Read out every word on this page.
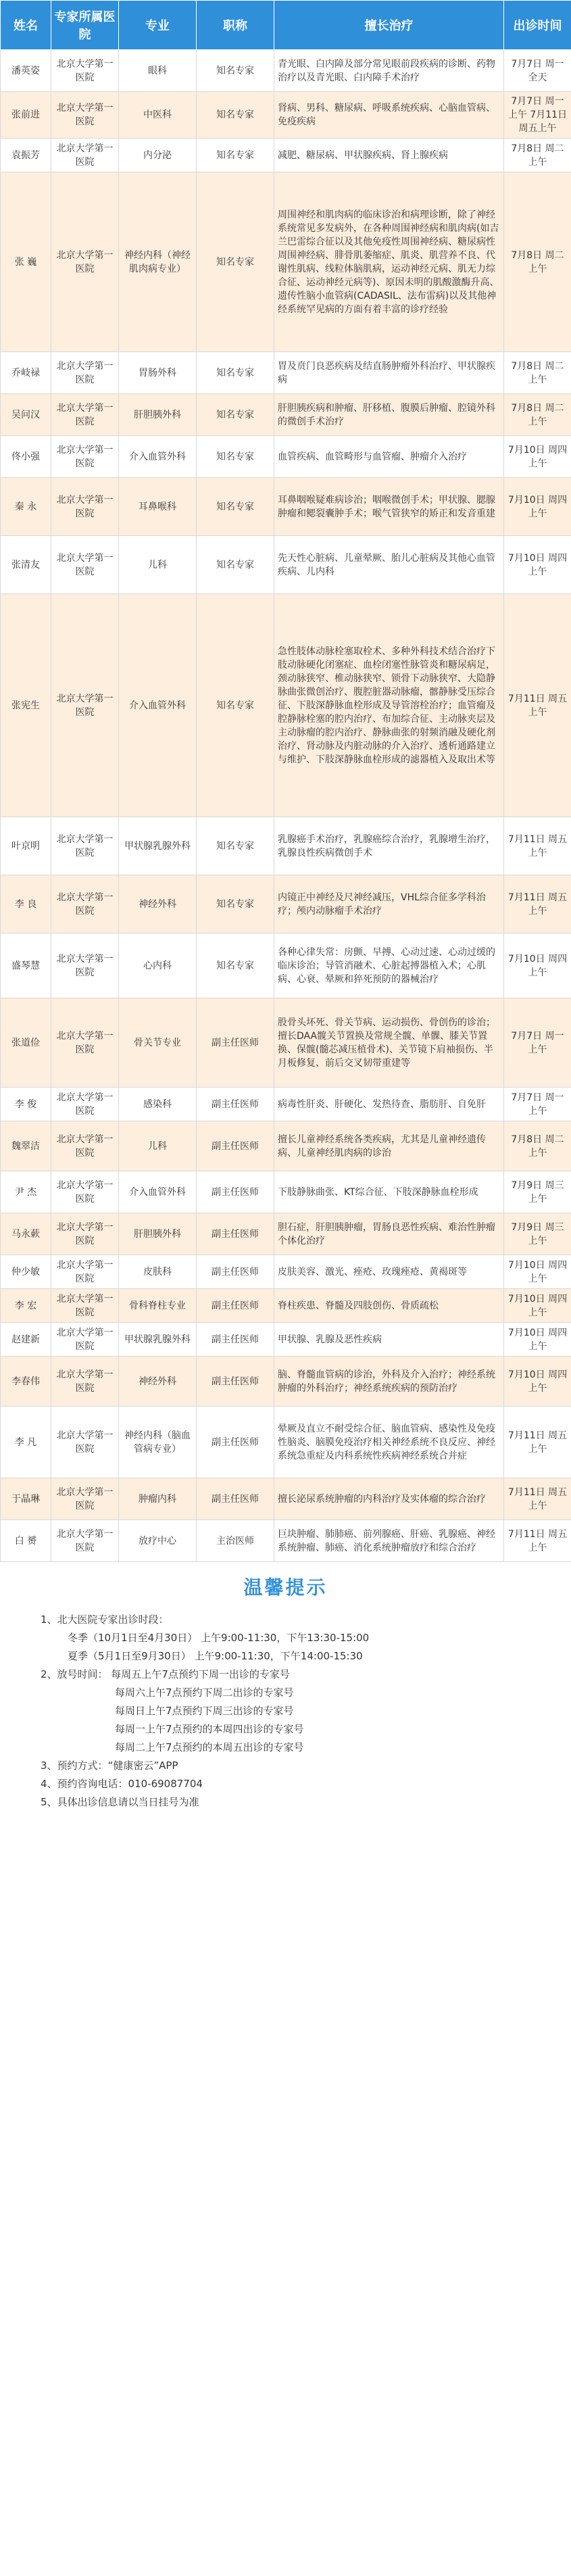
姓名	专家所属医院	专业	职称	擅长治疗	出诊时间
潘英姿	北京大学第一医院	眼科	知名专家	青光眼、白内障及部分常见眼前段疾病的诊断、药物治疗以及青光眼、白内障手术治疗	7月7日 周一全天
张前进	北京大学第一医院	中医科	知名专家	肾病、男科、糖尿病、呼吸系统疾病、心脑血管病、免疫疾病	7月7日 周一上午 7月11日 周五上午
袁振芳	北京大学第一医院	内分泌	知名专家	减肥、糖尿病、甲状腺疾病、肾上腺疾病	7月8日 周二上午
张 巍	北京大学第一医院	神经内科（神经肌肉病专业）	知名专家	周围神经和肌肉病的临床诊治和病理诊断，除了神经系统常见多发病外，在各种周围神经病和肌肉病(如吉兰巴雷综合征以及其他免疫性周围神经病、糖尿病性周围神经病、腓骨肌萎缩症、肌炎、肌营养不良、代谢性肌病、线粒体脑肌病，运动神经元病、肌无力综合征、运动神经元病等)、原因未明的肌酸激酶升高、遗传性脑小血管病(CADASIL、法布雷病)以及其他神经系统罕见病的方面有着丰富的诊疗经验	7月8日 周二上午
乔岐禄	北京大学第一医院	胃肠外科	知名专家	胃及贲门良恶疾病及结直肠肿瘤外科治疗、甲状腺疾病	7月8日 周二上午
吴问汉	北京大学第一医院	肝胆胰外科	知名专家	肝胆胰疾病和肿瘤、肝移植、腹膜后肿瘤、腔镜外科的微创手术治疗	7月8日 周二上午
佟小强	北京大学第一医院	介入血管外科	知名专家	血管疾病、血管畸形与血管瘤、肿瘤介入治疗	7月10日 周四上午
秦 永	北京大学第一医院	耳鼻喉科	知名专家	耳鼻咽喉疑难病诊治；咽喉微创手术；甲状腺、腮腺肿瘤和鳃裂囊肿手术；喉气管狭窄的矫正和发音重建	7月10日 周四上午
张清友	北京大学第一医院	儿科	知名专家	先天性心脏病、儿童晕厥、胎儿心脏病及其他心血管疾病、儿内科	7月10日 周四上午
张宪生	北京大学第一医院	介入血管外科	知名专家	急性肢体动脉栓塞取栓术、多种外科技术结合治疗下肢动脉硬化闭塞症、血栓闭塞性脉管炎和糖尿病足，颈动脉狭窄、椎动脉狭窄、锁骨下动脉狭窄、大隐静脉曲张微创治疗、腹腔脏器动脉瘤，髂静脉受压综合征、下肢深静脉血栓形成及导管溶栓治疗；血管瘤及腔静脉栓塞的腔内治疗、布加综合征、主动脉夹层及主动脉瘤的腔内治疗、静脉曲张的射频消融及硬化剂治疗、肾动脉及内脏动脉的介入治疗、透析通路建立与维护、下肢深静脉血栓形成的滤器植入及取出术等	7月11日 周五上午
叶京明	北京大学第一医院	甲状腺乳腺外科	知名专家	乳腺癌手术治疗，乳腺癌综合治疗，乳腺增生治疗，乳腺良性疾病微创手术	7月11日 周五上午
李 良	北京大学第一医院	神经外科	知名专家	内镜正中神经及尺神经减压，VHL综合征多学科治疗；颅内动脉瘤手术治疗	7月11日 周五上午
盛琴慧	北京大学第一医院	心内科	知名专家	各种心律失常：房颤、早搏、心动过速、心动过缓的临床诊治；导管消融术、心脏起搏器植入术；心肌病、心衰、晕厥和猝死预防的器械治疗	7月10日 周四上午
张道俭	北京大学第一医院	骨关节专业	副主任医师	股骨头坏死、骨关节病、运动损伤、骨创伤的诊治；擅长DAA髋关节置换及常规全髋、单髁、膝关节置换、保髋(髓芯减压植骨术)、关节镜下肩袖损伤、半月板修复、前后交叉韧带重建等	7月7日 周一上午
李 俊	北京大学第一医院	感染科	副主任医师	病毒性肝炎、肝硬化、发热待查、脂肪肝、自免肝	7月7日 周一上午
魏翠洁	北京大学第一医院	儿科	副主任医师	擅长儿童神经系统各类疾病，尤其是儿童神经遗传病、儿童神经肌肉病的诊治	7月8日 周二上午
尹 杰	北京大学第一医院	介入血管外科	副主任医师	下肢静脉曲张、KT综合征、下肢深静脉血栓形成	7月9日 周三上午
马永蔌	北京大学第一医院	肝胆胰外科	副主任医师	胆石症，肝胆胰肿瘤，胃肠良恶性疾病、难治性肿瘤个体化治疗	7月9日 周三上午
仲少敏	北京大学第一医院	皮肤科	副主任医师	皮肤美容、激光、痤疮、玫瑰痤疮、黄褐斑等	7月10日 周四上午
李 宏	北京大学第一医院	骨科脊柱专业	副主任医师	脊柱疾患、脊髓及四肢创伤、骨质疏松	7月10日 周四上午
赵建新	北京大学第一医院	甲状腺乳腺外科	副主任医师	甲状腺、乳腺及恶性疾病	7月10日 周四上午
李春伟	北京大学第一医院	神经外科	副主任医师	脑、脊髓血管病的诊治，外科及介入治疗；神经系统肿瘤的外科治疗；神经系统疾病的预防治疗	7月10日 周四上午
李 凡	北京大学第一医院	神经内科（脑血管病专业）	副主任医师	晕厥及直立不耐受综合征、脑血管病、感染性及免疫性脑炎、脑膜免疫治疗相关神经系统不良反应、神经系统急重症及内科系统性疾病神经系统合并症	7月11日 周五上午
于晶琳	北京大学第一医院	肿瘤内科	副主任医师	擅长泌尿系统肿瘤的内科治疗及实体瘤的综合治疗	7月11日 周五上午
白 赟	北京大学第一医院	放疗中心	主治医师	巨块肿瘤、肺肺癌、前列腺癌、肝癌、乳腺癌、神经系统肿瘤、肺癌、消化系统肿瘤放疗和综合治疗	7月11日 周五上午
温馨提示
1、北大医院专家出诊时段：
冬季（10月1日至4月30日） 上午9:00-11:30，下午13:30-15:00
夏季（5月1日至9月30日） 上午9:00-11:30，下午14:00-15:30
2、放号时间： 每周五上午7点预约下周一出诊的专家号
每周六上午7点预约下周二出诊的专家号
每周日上午7点预约下周三出诊的专家号
每周一上午7点预约的本周四出诊的专家号
每周二上午7点预约的本周五出诊的专家号
3、预约方式：“健康密云”APP
4、预约咨询电话：010-69087704
5、具体出诊信息请以当日挂号为准
